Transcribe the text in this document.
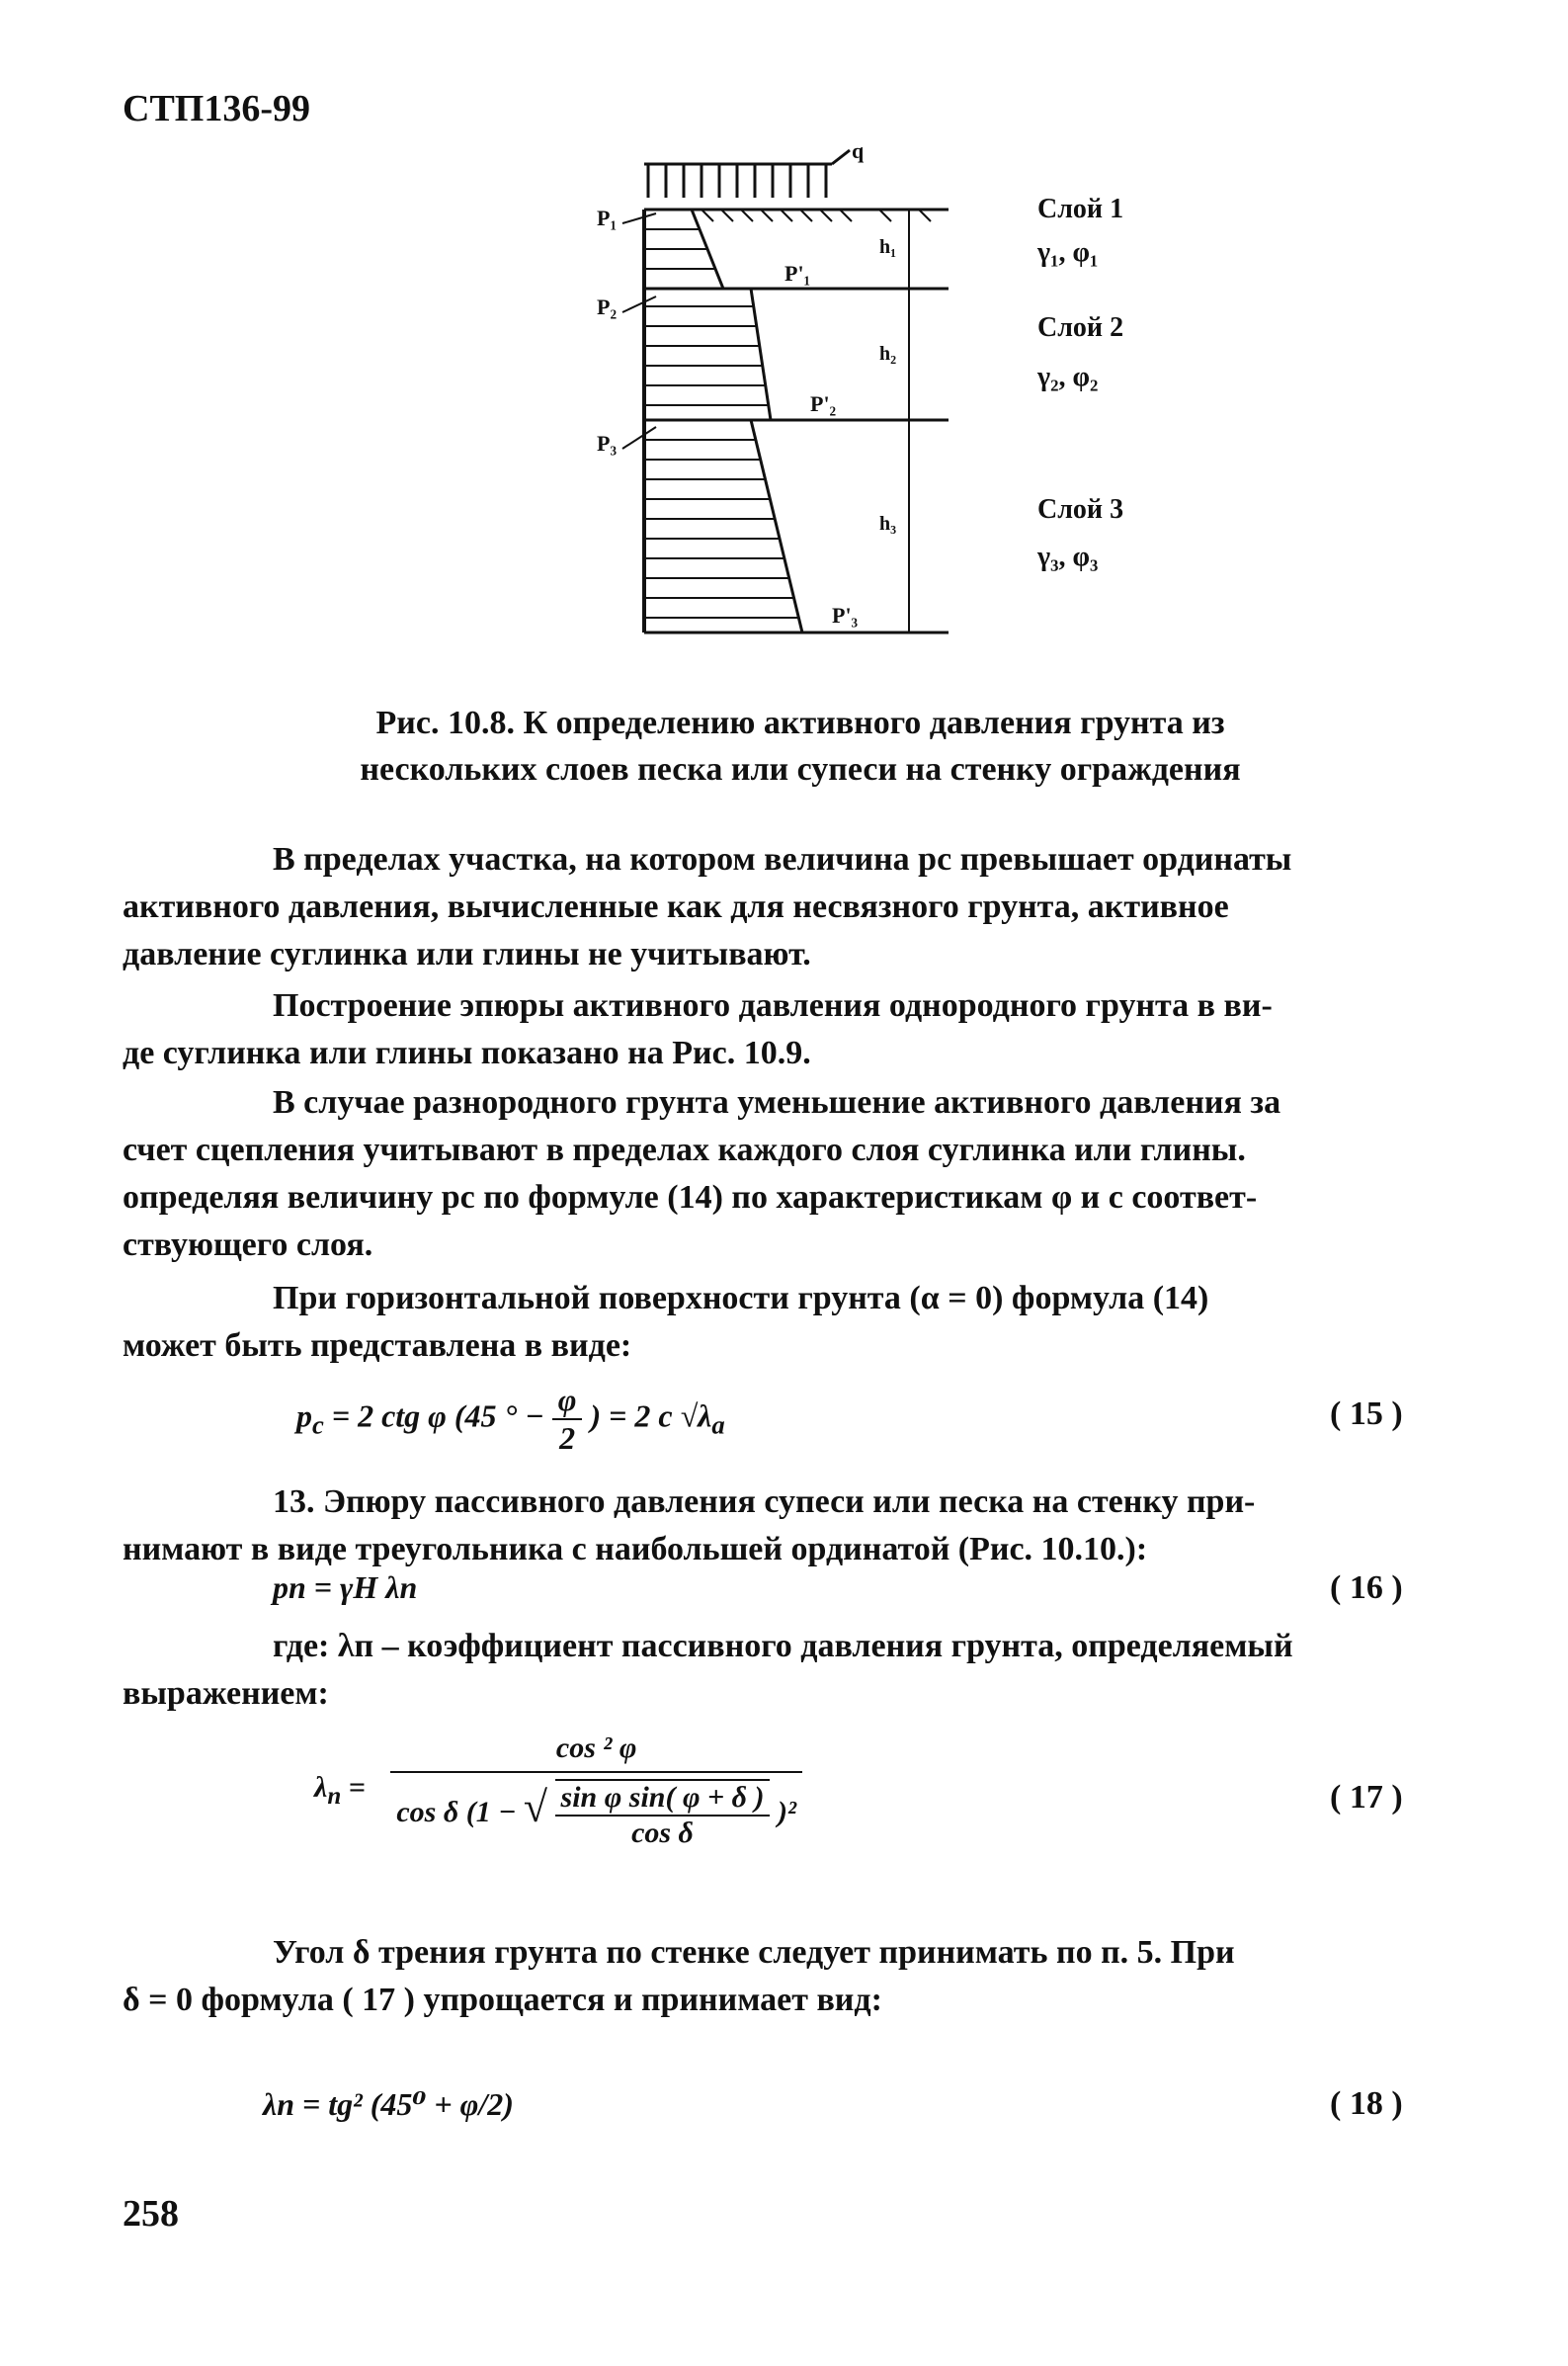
СТП136-99
q
P₁
P₂
P₃
P'₁
P'₂
P'₃
h₁
h₂
h₃
Слой 1
γ₁, φ₁
Слой 2
γ₂, φ₂
Слой 3
γ₃, φ₃
Рис. 10.8. К определению активного давления грунта из
нескольких слоев песка или супеси на стенку ограждения
В пределах участка, на котором величина pс превышает ординаты
активного давления, вычисленные как для несвязного грунта, активное
давление суглинка или глины не учитывают.
Построение эпюры активного давления однородного грунта в ви-
де суглинка или глины показано на Рис. 10.9.
В случае разнородного грунта уменьшение активного давления за
счет сцепления учитывают в пределах каждого слоя суглинка или глины.
определяя величину pс по формуле (14) по характеристикам φ и c соответ-
ствующего слоя.
При горизонтальной поверхности грунта (α = 0) формула (14)
может быть представлена в виде:
$p_c = 2$ ctg φ (45 ° − $\frac{\varphi}{2}$ ) = 2 c $√\lambda_a$	( 15 )
13. Эпюру пассивного давления супеси или песка на стенку при-
нимают в виде треугольника с наибольшей ординатой (Рис. 10.10.):
pп = γH λп	( 16 )
где: λп – коэффициент пассивного давления грунта, определяемый
выражением:
$\lambda_п$ =
cos ² φ
cos δ (1 − √ $\frac{\text{sin φ sin( φ + δ )}}{\text{cos δ}} )^2$	( 17 )
Угол δ трения грунта по стенке следует принимать по п. 5. При
δ = 0 формула ( 17 ) упрощается и принимает вид:
λп = tg² (45⁰ + φ/2)	( 18 )
258
